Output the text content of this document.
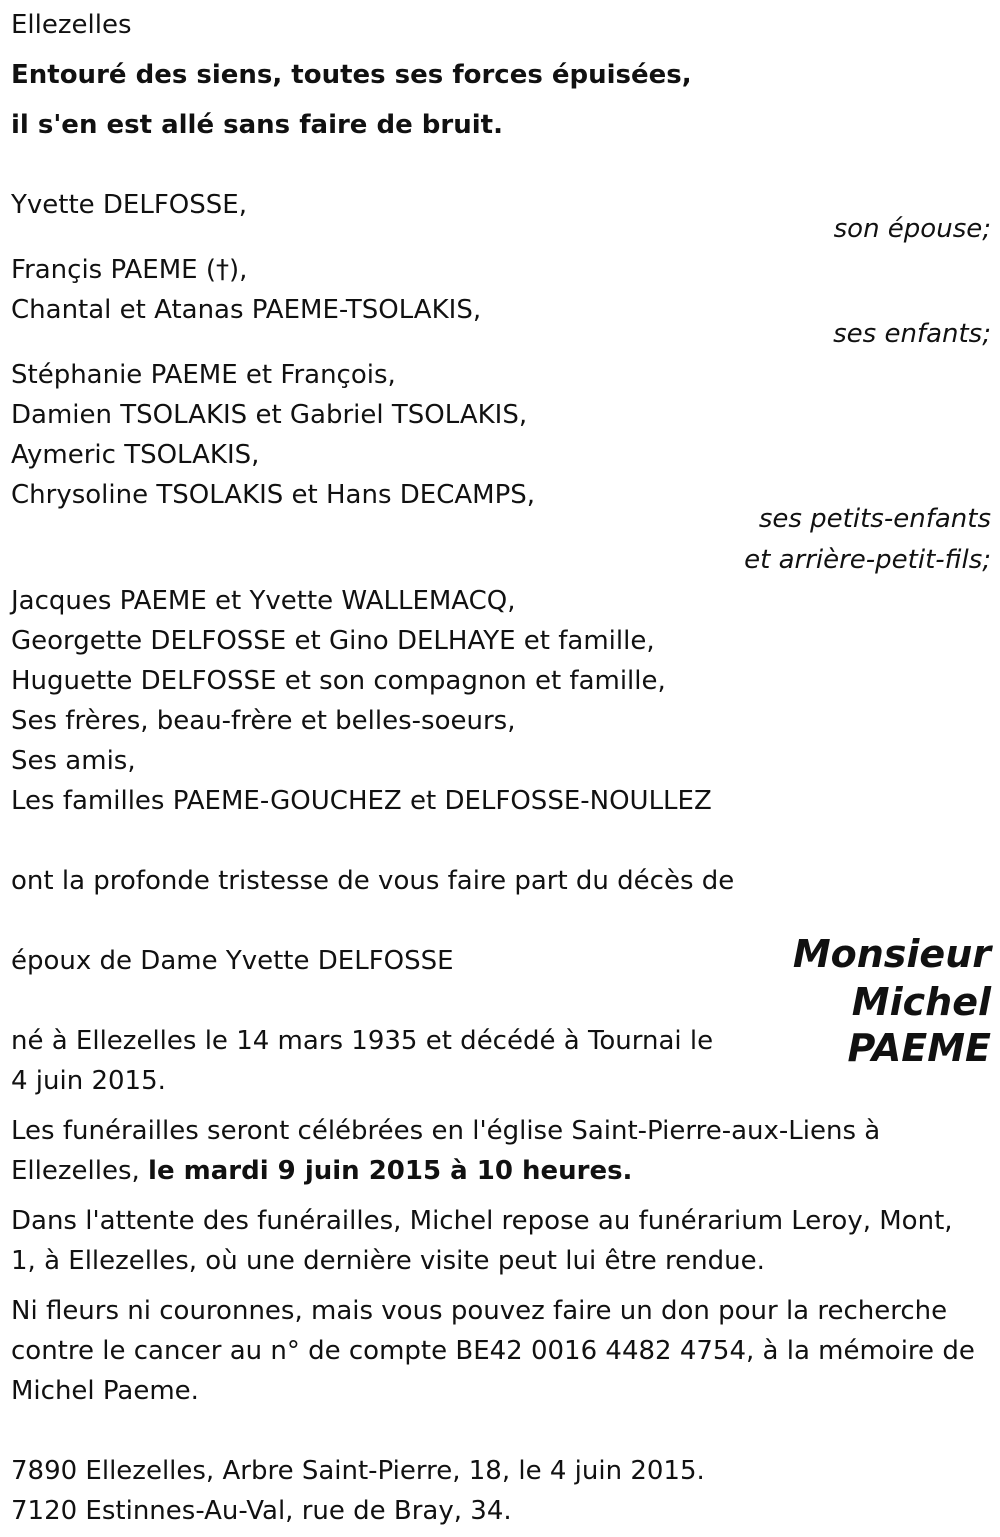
Ellezelles
Entouré des siens, toutes ses forces épuisées,
il s'en est allé sans faire de bruit.
Yvette DELFOSSE,
son épouse;
Françis PAEME (†),
Chantal et Atanas PAEME-TSOLAKIS,
ses enfants;
Stéphanie PAEME et François,
Damien TSOLAKIS et Gabriel TSOLAKIS,
Aymeric TSOLAKIS,
Chrysoline TSOLAKIS et Hans DECAMPS,
ses petits-enfants
et arrière-petit-fils;
Jacques PAEME et Yvette WALLEMACQ,
Georgette DELFOSSE et Gino DELHAYE et famille,
Huguette DELFOSSE et son compagnon et famille,
Ses frères, beau-frère et belles-soeurs,
Ses amis,
Les familles PAEME-GOUCHEZ et DELFOSSE-NOULLEZ
ont la profonde tristesse de vous faire part du décès de
époux de Dame Yvette DELFOSSE
né à Ellezelles le 14 mars 1935 et décédé à Tournai le
4 juin 2015.
Les funérailles seront célébrées en l'église Saint-Pierre-aux-Liens à
Ellezelles, le mardi 9 juin 2015 à 10 heures.
Dans l'attente des funérailles, Michel repose au funérarium Leroy, Mont,
1, à Ellezelles, où une dernière visite peut lui être rendue.
Ni fleurs ni couronnes, mais vous pouvez faire un don pour la recherche
contre le cancer au n° de compte BE42 0016 4482 4754, à la mémoire de
Michel Paeme.
7890 Ellezelles, Arbre Saint-Pierre, 18, le 4 juin 2015.
7120 Estinnes-Au-Val, rue de Bray, 34.
Monsieur
Michel
PAEME
